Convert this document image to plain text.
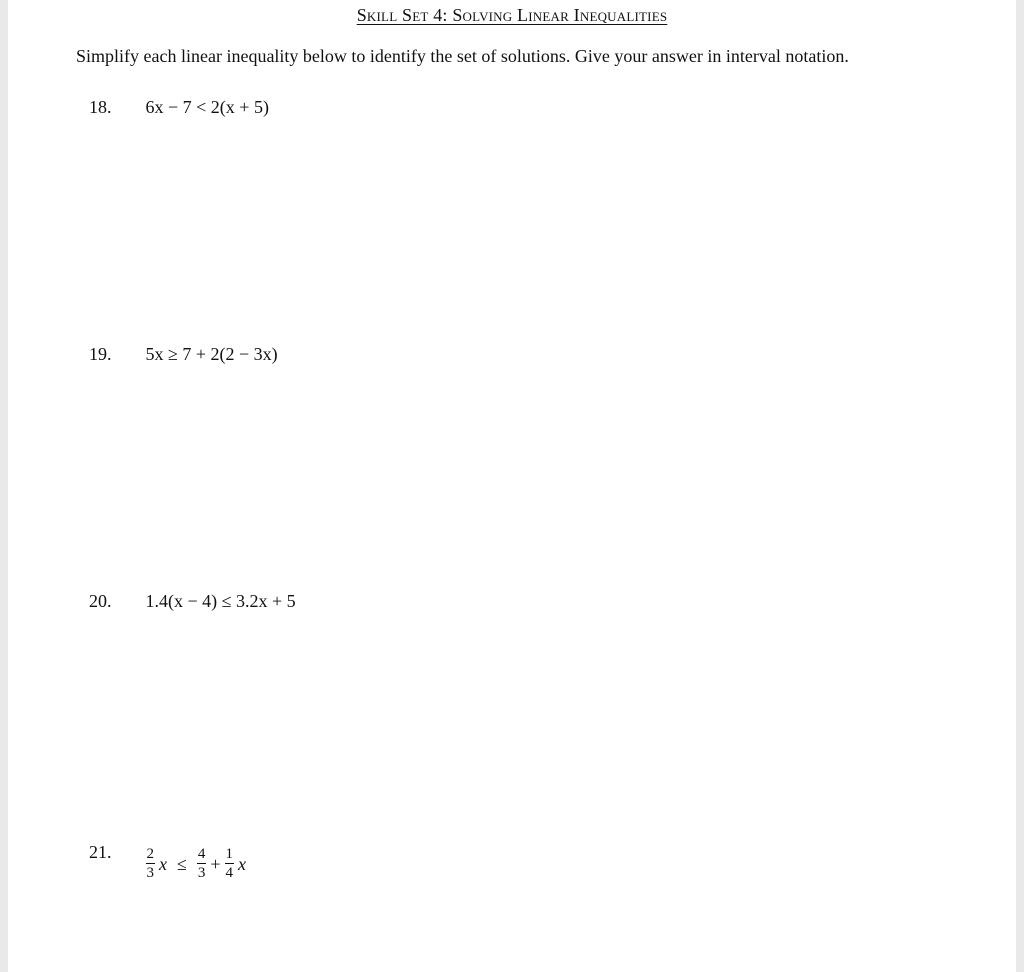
Skill Set 4: Solving Linear Inequalities
Simplify each linear inequality below to identify the set of solutions. Give your answer in interval notation.
18. 6x − 7 < 2(x + 5)
19. 5x ≥ 7 + 2(2 − 3x)
20. 1.4(x − 4) ≤ 3.2x + 5
21. $\frac{2}{3}$ $x \le \frac{4}{3} + \frac{1}{4}$ x
